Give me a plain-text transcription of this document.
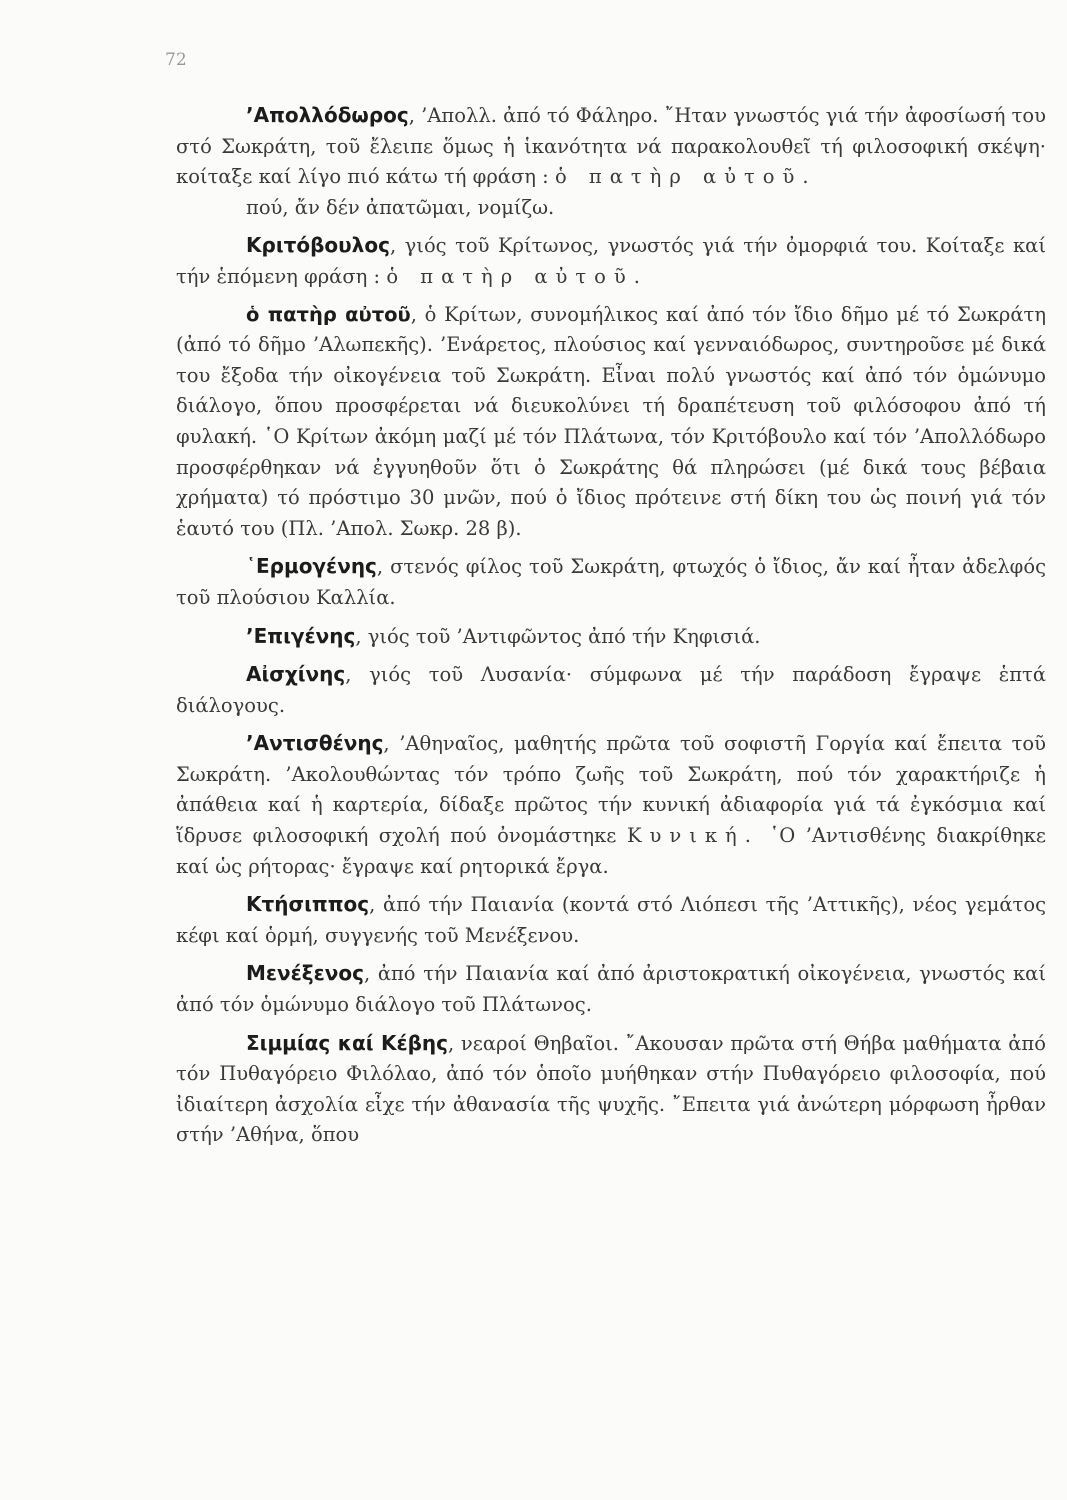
72

’Απολλόδωρος, ’Απολλ. ἀπό τό Φάληρο. ῎Ηταν γνωστός γιά τήν ἀφοσίωσή του στό Σωκράτη, τοῦ ἔλειπε ὅμως ἡ ἱκανότητα νά παρακολουθεῖ τή φιλοσοφική σκέψη· κοίταξε καί λίγο πιό κάτω τή φράση : ὁ πατὴρ αὐτοῦ.

πού, ἄν δέν ἀπατῶμαι, νομίζω.

Κριτόβουλος, γιός τοῦ Κρίτωνος, γνωστός γιά τήν ὀμορφιά του. Κοίταξε καί τήν ἑπόμενη φράση : ὁ πατὴρ αὐτοῦ.

ὁ πατὴρ αὐτοῦ, ὁ Κρίτων, συνομήλικος καί ἀπό τόν ἴδιο δῆμο μέ τό Σωκράτη (ἀπό τό δῆμο ’Αλωπεκῆς). ’Ενάρετος, πλούσιος καί γενναιόδωρος, συντηροῦσε μέ δικά του ἔξοδα τήν οἰκογένεια τοῦ Σωκράτη. Εἶναι πολύ γνωστός καί ἀπό τόν ὁμώνυμο διάλογο, ὅπου προσφέρεται νά διευκολύνει τή δραπέτευση τοῦ φιλόσοφου ἀπό τή φυλακή. ῾Ο Κρίτων ἀκόμη μαζί μέ τόν Πλάτωνα, τόν Κριτόβουλο καί τόν ’Απολλόδωρο προσφέρθηκαν νά ἐγγυηθοῦν ὅτι ὁ Σωκράτης θά πληρώσει (μέ δικά τους βέβαια χρήματα) τό πρόστιμο 30 μνῶν, πού ὁ ἴδιος πρότεινε στή δίκη του ὡς ποινή γιά τόν ἑαυτό του (Πλ. ’Απολ. Σωκρ. 28 β).

῾Ερμογένης, στενός φίλος τοῦ Σωκράτη, φτωχός ὁ ἴδιος, ἄν καί ἦταν ἀδελφός τοῦ πλούσιου Καλλία.

’Επιγένης, γιός τοῦ ’Αντιφῶντος ἀπό τήν Κηφισιά.

Αἰσχίνης, γιός τοῦ Λυσανία· σύμφωνα μέ τήν παράδοση ἔγραψε ἑπτά διάλογους.

’Αντισθένης, ’Αθηναῖος, μαθητής πρῶτα τοῦ σοφιστῆ Γοργία καί ἔπειτα τοῦ Σωκράτη. ’Ακολουθώντας τόν τρόπο ζωῆς τοῦ Σωκράτη, πού τόν χαρακτήριζε ἡ ἀπάθεια καί ἡ καρτερία, δίδαξε πρῶτος τήν κυνική ἀδιαφορία γιά τά ἐγκόσμια καί ἵδρυσε φιλοσοφική σχολή πού ὀνομάστηκε Κυνική. ῾Ο ’Αντισθένης διακρίθηκε καί ὡς ρήτορας· ἔγραψε καί ρητορικά ἔργα.

Κτήσιππος, ἀπό τήν Παιανία (κοντά στό Λιόπεσι τῆς ’Αττικῆς), νέος γεμάτος κέφι καί ὁρμή, συγγενής τοῦ Μενέξενου.

Μενέξενος, ἀπό τήν Παιανία καί ἀπό ἀριστοκρατική οἰκογένεια, γνωστός καί ἀπό τόν ὁμώνυμο διάλογο τοῦ Πλάτωνος.

Σιμμίας καί Κέβης, νεαροί Θηβαῖοι. ῎Ακουσαν πρῶτα στή Θήβα μαθήματα ἀπό τόν Πυθαγόρειο Φιλόλαο, ἀπό τόν ὁποῖο μυήθηκαν στήν Πυθαγόρειο φιλοσοφία, πού ἰδιαίτερη ἀσχολία εἶχε τήν ἀθανασία τῆς ψυχῆς. ῎Επειτα γιά ἀνώτερη μόρφωση ἦρθαν στήν ’Αθήνα, ὅπου
